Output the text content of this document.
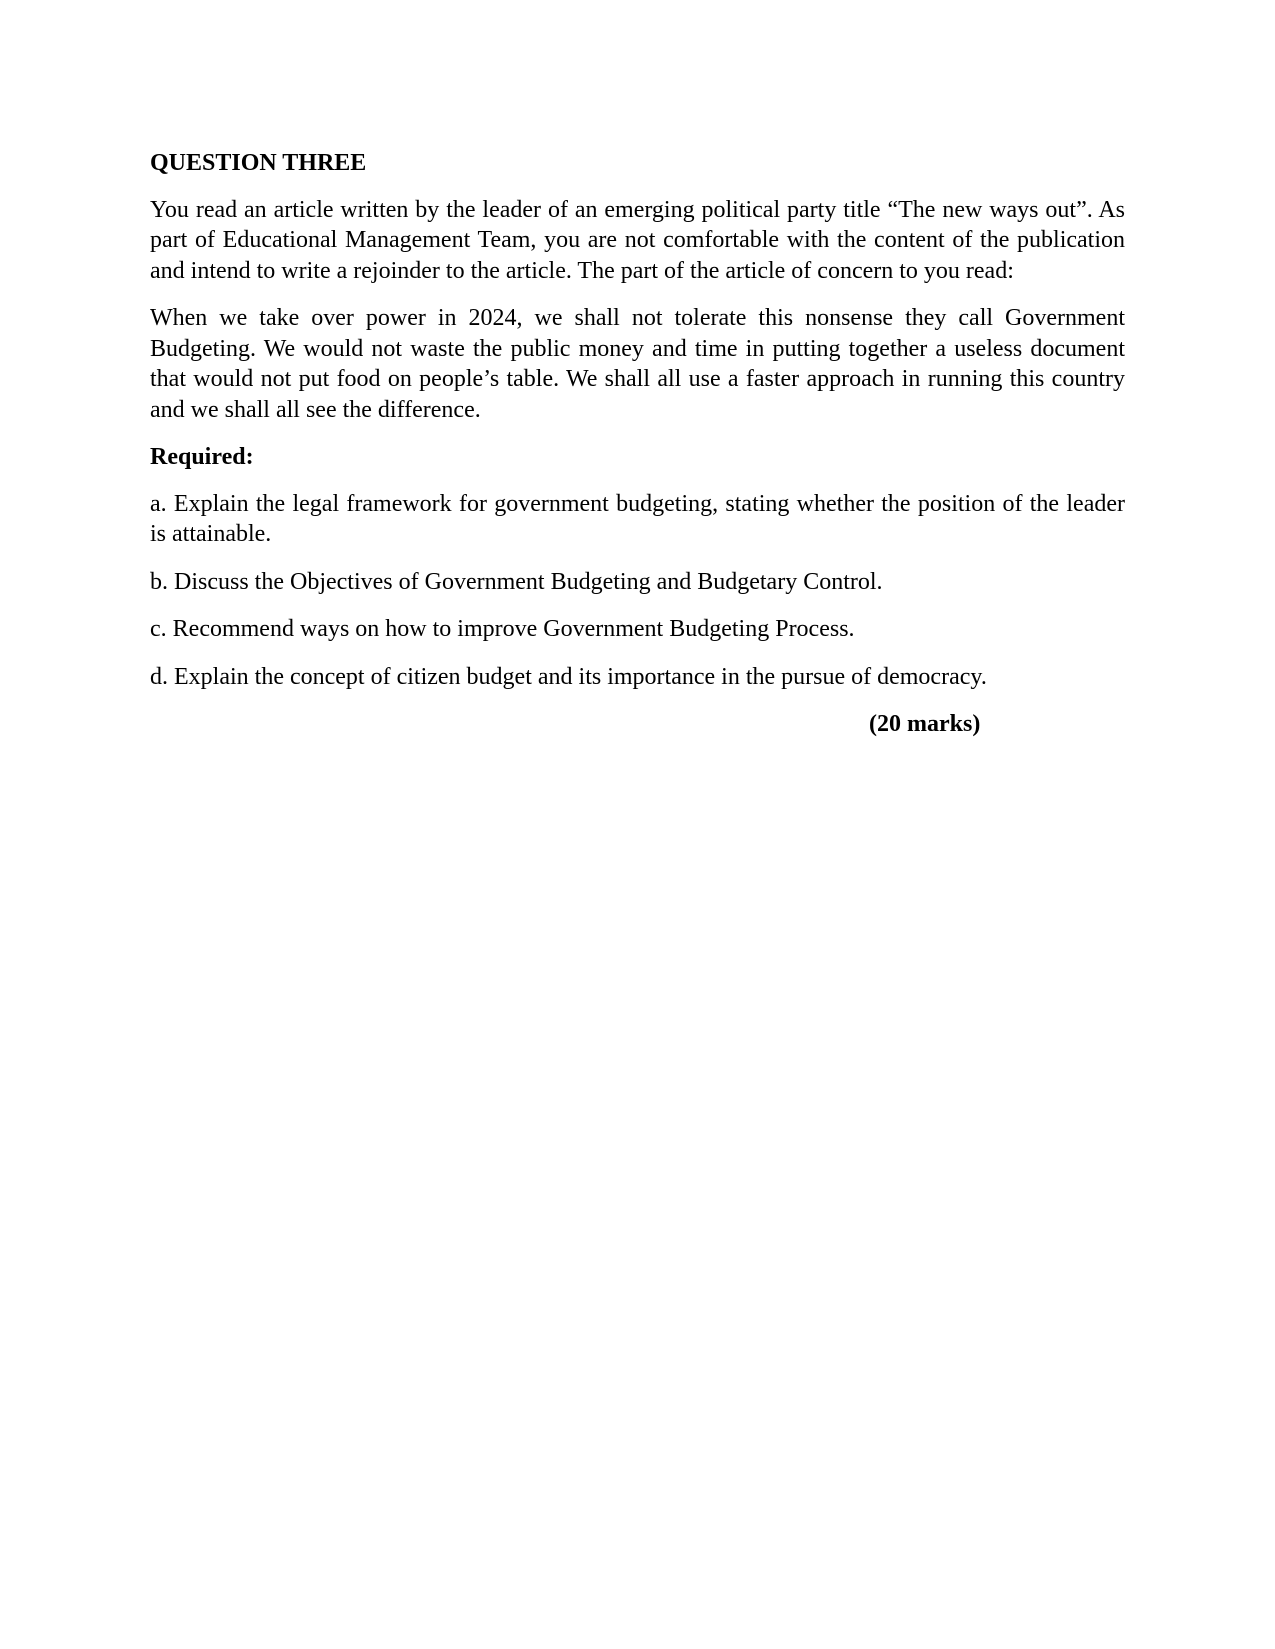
QUESTION THREE

You read an article written by the leader of an emerging political party title “The new ways out”. As part of Educational Management Team, you are not comfortable with the content of the publication and intend to write a rejoinder to the article. The part of the article of concern to you read:

When we take over power in 2024, we shall not tolerate this nonsense they call Government Budgeting. We would not waste the public money and time in putting together a useless document that would not put food on people’s table. We shall all use a faster approach in running this country and we shall all see the difference.

Required:

a. Explain the legal framework for government budgeting, stating whether the position of the leader is attainable.

b. Discuss the Objectives of Government Budgeting and Budgetary Control.

c. Recommend ways on how to improve Government Budgeting Process.

d. Explain the concept of citizen budget and its importance in the pursue of democracy.

(20 marks)
